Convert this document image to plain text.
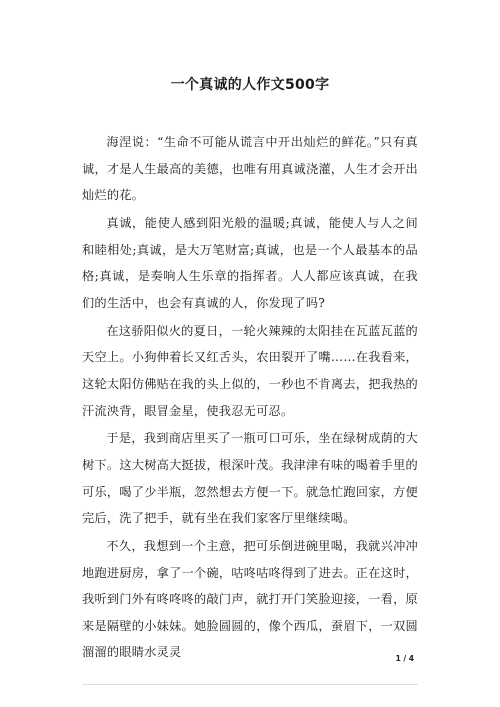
一个真诚的人作文500字

海涅说：“生命不可能从谎言中开出灿烂的鲜花。”只有真诚，才是人生最高的美德，也唯有用真诚浇灌，人生才会开出灿烂的花。

真诚，能使人感到阳光般的温暖;真诚，能使人与人之间和睦相处;真诚，是大万笔财富;真诚，也是一个人最基本的品格;真诚，是奏响人生乐章的指挥者。人人都应该真诚，在我们的生活中，也会有真诚的人，你发现了吗?

在这骄阳似火的夏日，一轮火辣辣的太阳挂在瓦蓝瓦蓝的天空上。小狗伸着长又红舌头，农田裂开了嘴……在我看来，这轮太阳仿佛贴在我的头上似的，一秒也不肯离去，把我热的汗流泱背，眼冒金星，使我忍无可忍。

于是，我到商店里买了一瓶可口可乐，坐在绿树成荫的大树下。这大树高大挺拔，根深叶茂。我津津有味的喝着手里的可乐，喝了少半瓶，忽然想去方便一下。就急忙跑回家，方便完后，洗了把手，就有坐在我们家客厅里继续喝。

不久，我想到一个主意，把可乐倒进碗里喝，我就兴冲冲地跑进厨房，拿了一个碗，咕咚咕咚得到了进去。正在这时，我听到门外有咚咚咚的敲门声，就打开门笑脸迎接，一看，原来是隔壁的小妹妹。她脸圆圆的，像个西瓜，蚕眉下，一双圆溜溜的眼睛水灵灵	1 / 4
